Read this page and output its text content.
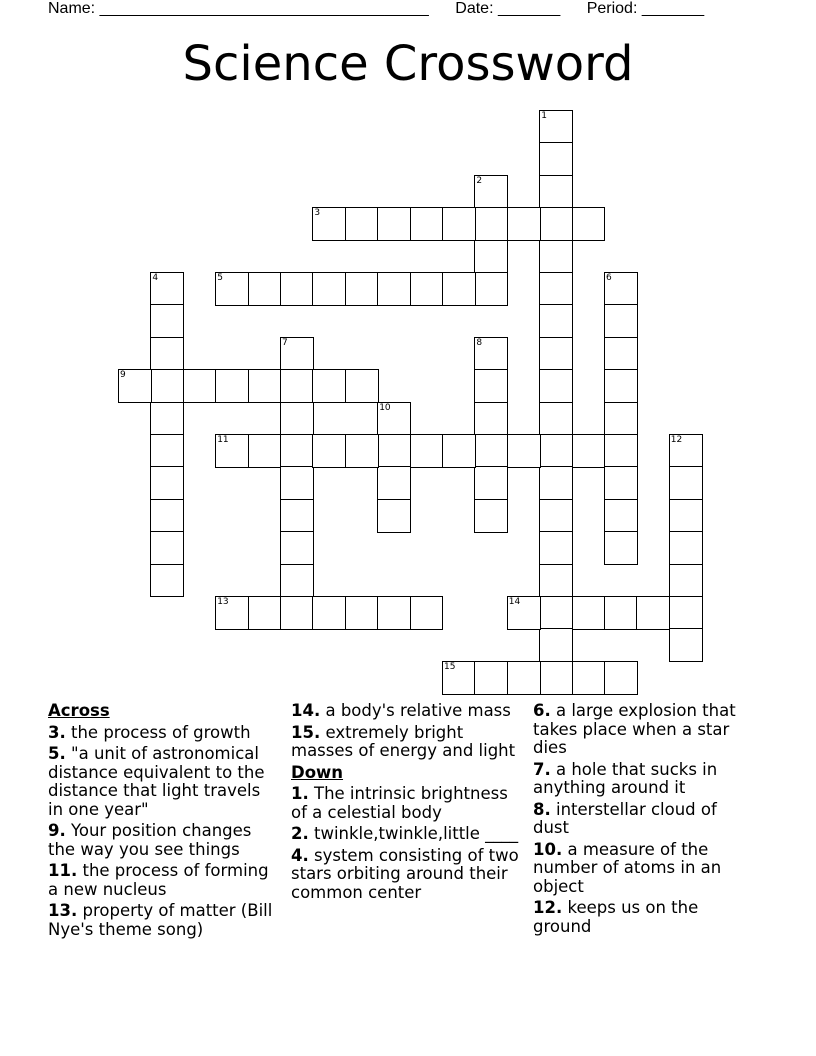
Name: _____________________________________ Date: _______ Period: _______
Science Crossword
1
2
3
4	5	6
7	8
9
10
11	12
13	14
15
Across
3. the process of growth
5. "a unit of astronomical distance equivalent to the distance that light travels in one year"
9. Your position changes the way you see things
11. the process of forming a new nucleus
13. property of matter (Bill Nye's theme song)
14. a body's relative mass
15. extremely bright masses of energy and light
Down
1. The intrinsic brightness of a celestial body
2. twinkle,twinkle,little ____
4. system consisting of two stars orbiting around their common center
6. a large explosion that takes place when a star dies
7. a hole that sucks in anything around it
8. interstellar cloud of dust
10. a measure of the number of atoms in an object
12. keeps us on the ground
